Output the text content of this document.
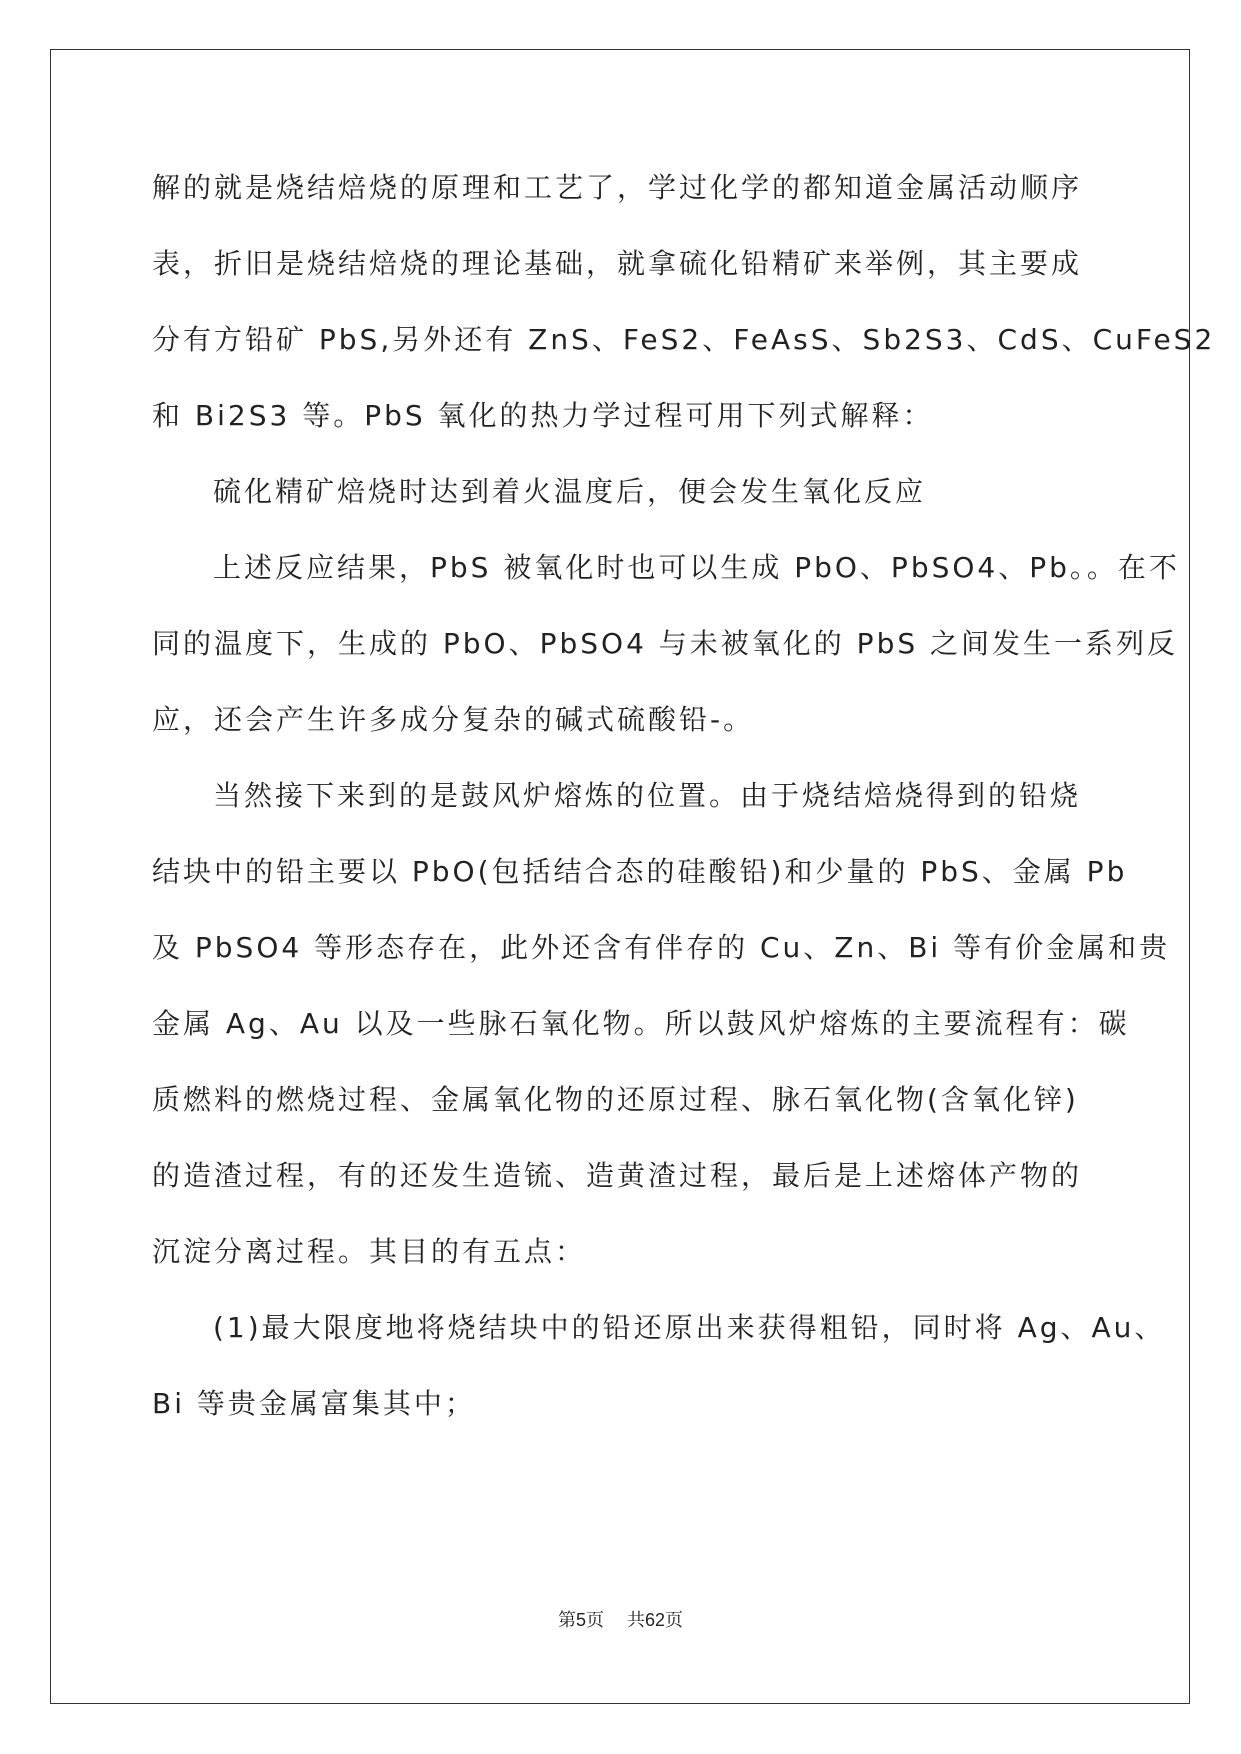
解的就是烧结焙烧的原理和工艺了，学过化学的都知道金属活动顺序
表，折旧是烧结焙烧的理论基础，就拿硫化铅精矿来举例，其主要成
分有方铅矿 PbS,另外还有 ZnS、FeS2、FeAsS、Sb2S3、CdS、CuFeS2
和 Bi2S3 等。PbS 氧化的热力学过程可用下列式解释：
硫化精矿焙烧时达到着火温度后，便会发生氧化反应
上述反应结果，PbS 被氧化时也可以生成 PbO、PbSO4、Pb。。在不
同的温度下，生成的 PbO、PbSO4 与未被氧化的 PbS 之间发生一系列反
应，还会产生许多成分复杂的碱式硫酸铅-。
当然接下来到的是鼓风炉熔炼的位置。由于烧结焙烧得到的铅烧
结块中的铅主要以 PbO(包括结合态的硅酸铅)和少量的 PbS、金属 Pb
及 PbSO4 等形态存在，此外还含有伴存的 Cu、Zn、Bi 等有价金属和贵
金属 Ag、Au 以及一些脉石氧化物。所以鼓风炉熔炼的主要流程有：碳
质燃料的燃烧过程、金属氧化物的还原过程、脉石氧化物(含氧化锌)
的造渣过程，有的还发生造锍、造黄渣过程，最后是上述熔体产物的
沉淀分离过程。其目的有五点：
(1)最大限度地将烧结块中的铅还原出来获得粗铅，同时将 Ag、Au、
Bi 等贵金属富集其中；
第5页 共62页
